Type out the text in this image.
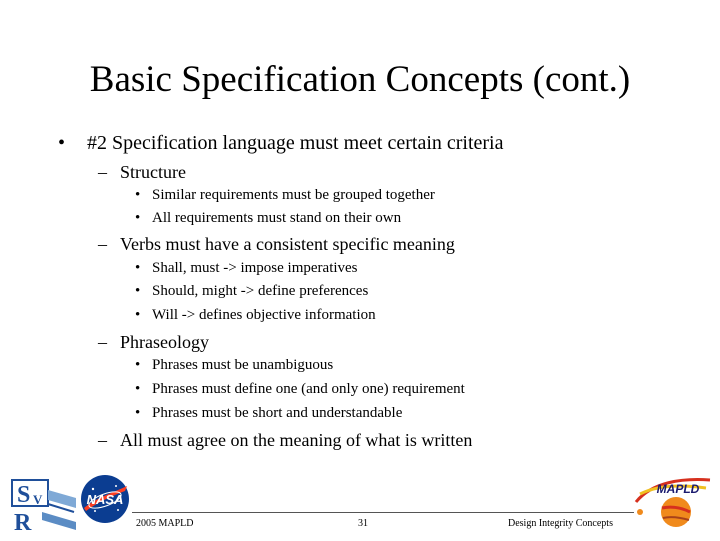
Basic Specification Concepts (cont.)
• #2 Specification language must meet certain criteria
– Structure
• Similar requirements must be grouped together
• All requirements must stand on their own
– Verbs must have a consistent specific meaning
• Shall, must -> impose imperatives
• Should, might -> define preferences
• Will -> defines objective information
– Phraseology
• Phrases must be unambiguous
• Phrases must define one (and only one) requirement
• Phrases must be short and understandable
– All must agree on the meaning of what is written
2005 MAPLD	31	Design Integrity Concepts
S V
R
NASA
MAPLD
